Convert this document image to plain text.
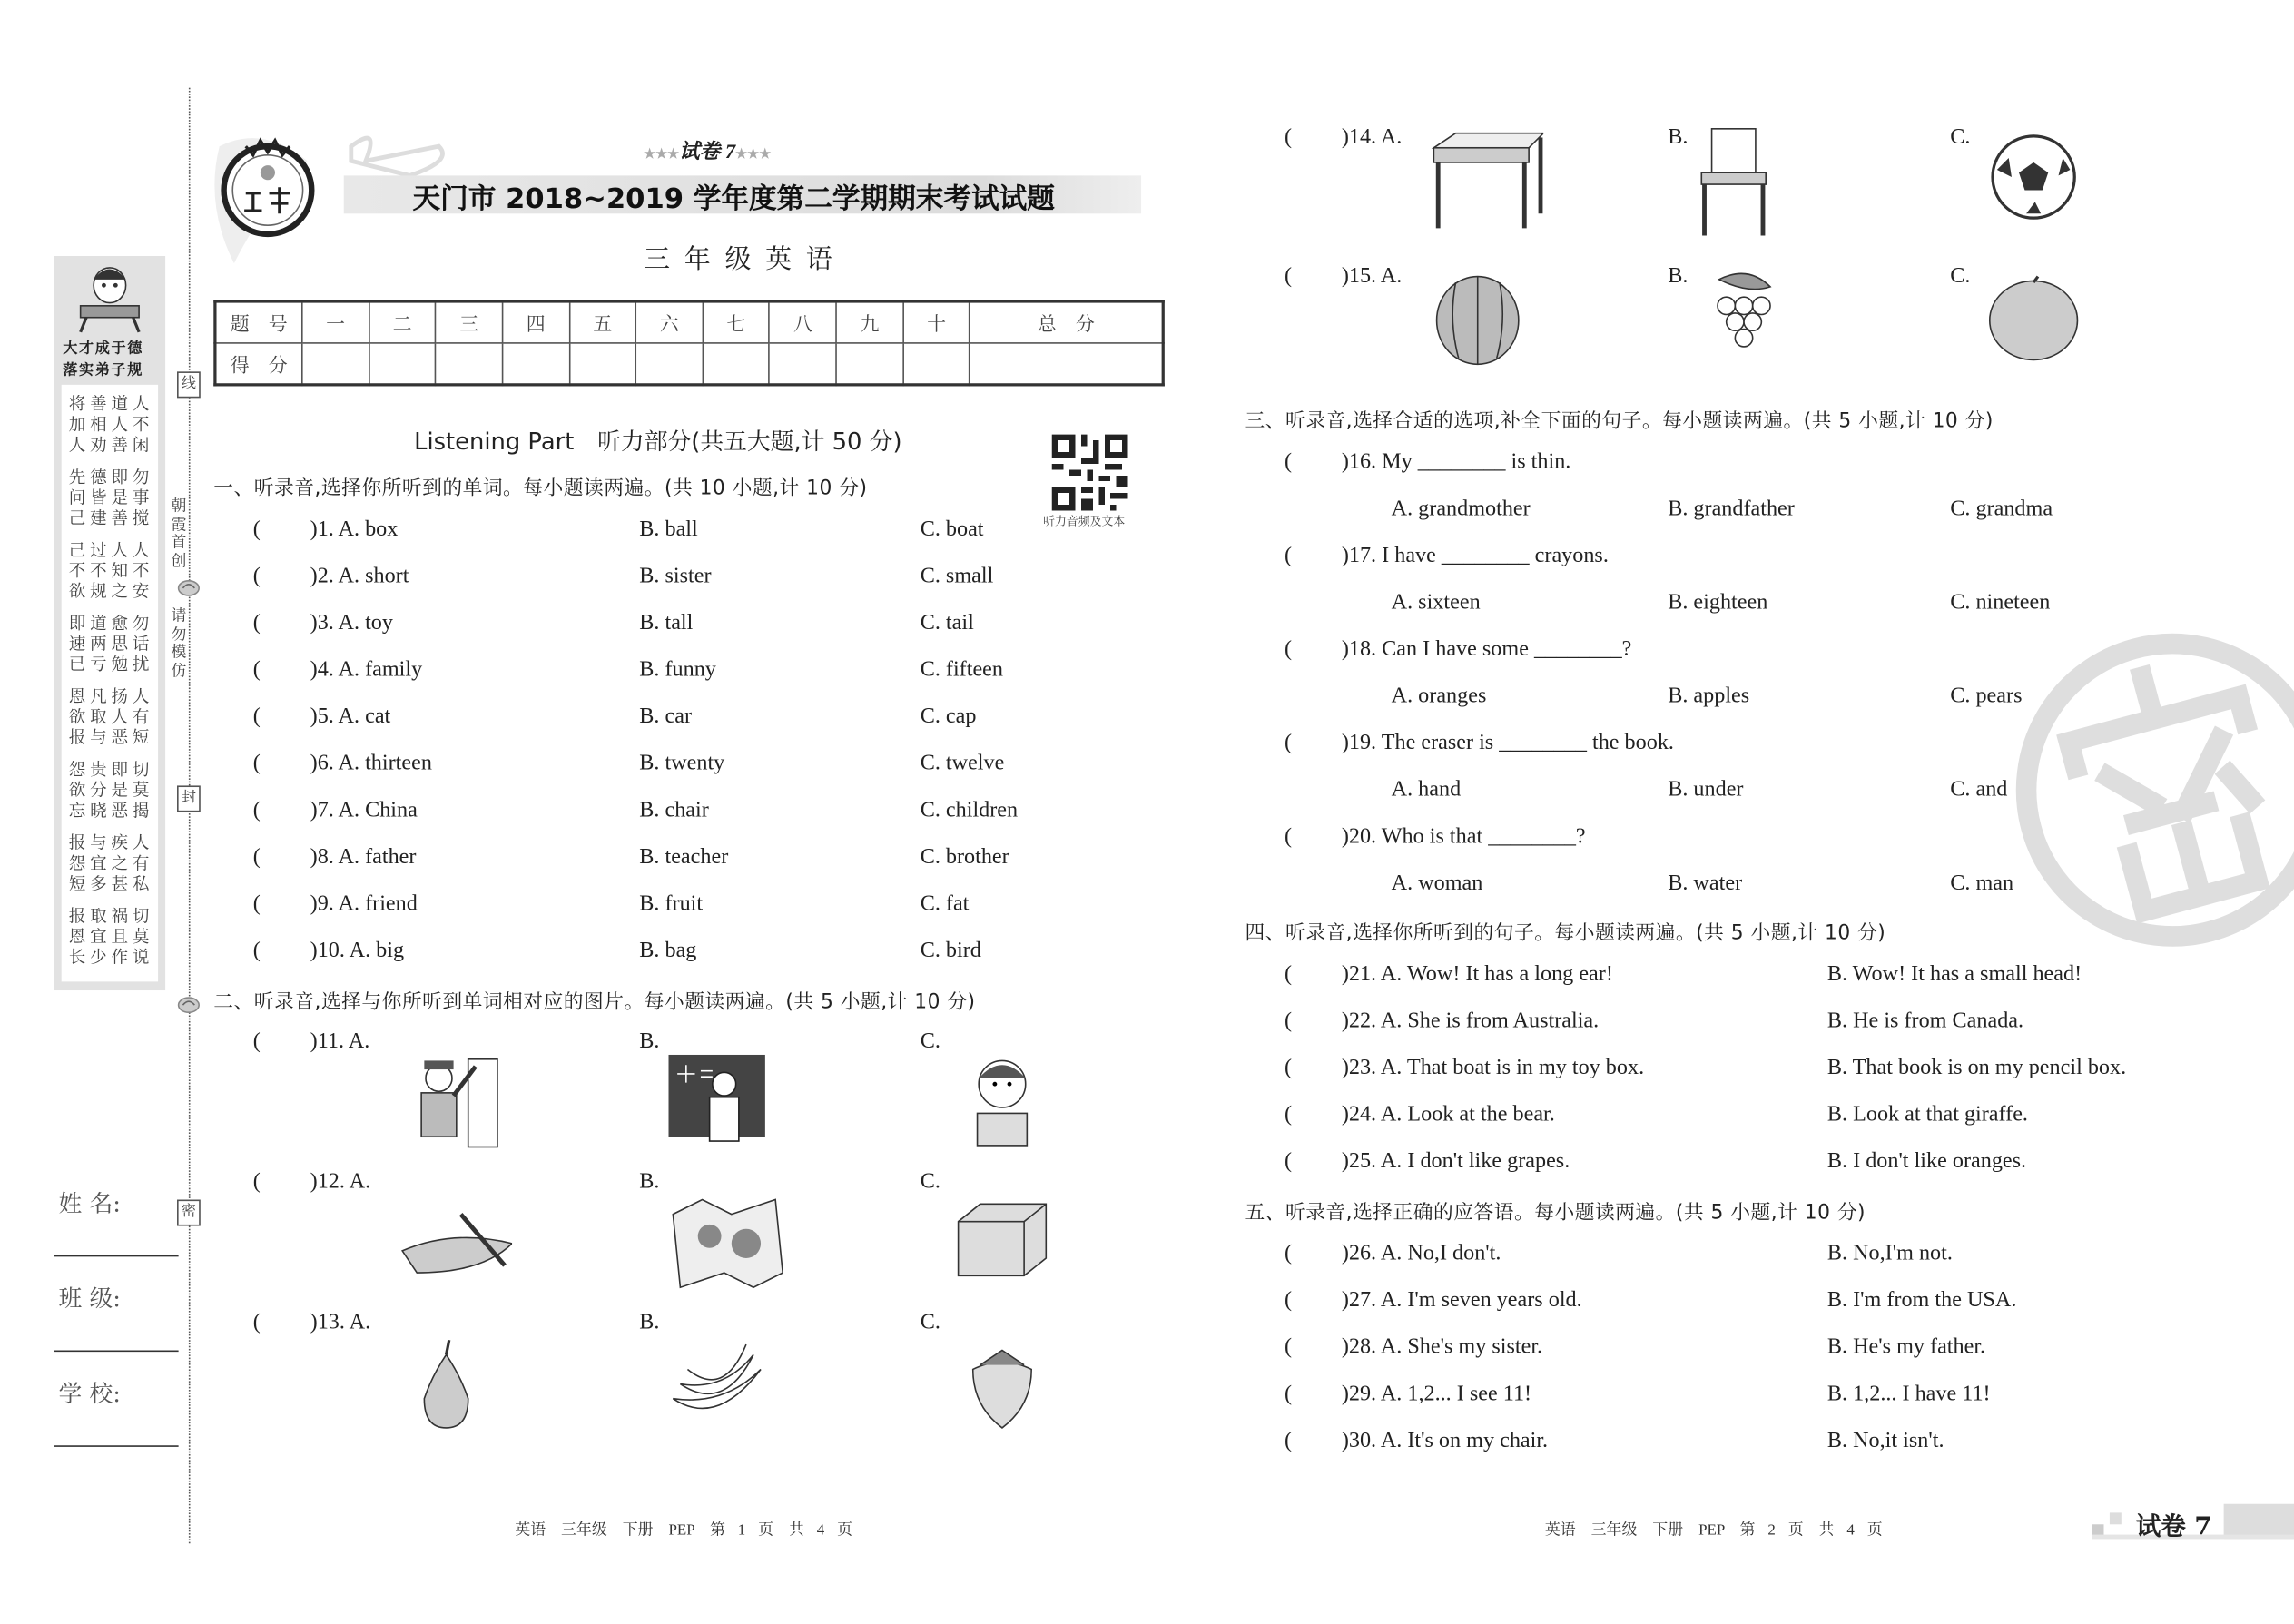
大才成于德
落实弟子规
将善道人
加相人不
人劝善闲
先德即勿
问皆是事
己建善搅
己过人人
不不知不
欲规之安
即道愈勿
速两思话
已亏勉扰
恩凡扬人
欲取人有
报与恶短
怨贵即切
欲分是莫
忘晓恶揭
报与疾人
怨宜之有
短多甚私
报取祸切
恩宜且莫
长少作说
朝霞首创
请勿模仿
★★★试卷 7★★★
天门市 2018~2019 学年度第二学期期末考试试题
三 年 级 英 语
题　号	一	二	三	四	五	六	七	八	九	十	总　分
得　分											
Listening Part　听力部分(共五大题,计 50 分)
听力音频及文本
一、听录音,选择你所听到的单词。每小题读两遍。(共 10 小题,计 10 分)
(	)1. A. box	B. ball	C. boat
(	)2. A. short	B. sister	C. small
(	)3. A. toy	B. tall	C. tail
(	)4. A. family	B. funny	C. fifteen
(	)5. A. cat	B. car	C. cap
(	)6. A. thirteen	B. twenty	C. twelve
(	)7. A. China	B. chair	C. children
(	)8. A. father	B. teacher	C. brother
(	)9. A. friend	B. fruit	C. fat
(	)10. A. big	B. bag	C. bird
二、听录音,选择与你所听到单词相对应的图片。每小题读两遍。(共 5 小题,计 10 分)
(	)11. A.	B.	C.
(	)12. A.	B.	C.
(	)13. A.	B.	C.
(	)14. A.	B.	C.
(	)15. A.	B.	C.
三、听录音,选择合适的选项,补全下面的句子。每小题读两遍。(共 5 小题,计 10 分)
(	)16. My ________ is thin.
A. grandmother	B. grandfather	C. grandma
(	)17. I have ________ crayons.
A. sixteen	B. eighteen	C. nineteen
(	)18. Can I have some ________?
A. oranges	B. apples	C. pears
(	)19. The eraser is ________ the book.
A. hand	B. under	C. and
(	)20. Who is that ________?
A. woman	B. water	C. man
四、听录音,选择你所听到的句子。每小题读两遍。(共 5 小题,计 10 分)
(	)21. A. Wow! It has a long ear!	B. Wow! It has a small head!
(	)22. A. She is from Australia.	B. He is from Canada.
(	)23. A. That boat is in my toy box.	B. That book is on my pencil box.
(	)24. A. Look at the bear.	B. Look at that giraffe.
(	)25. A. I don't like grapes.	B. I don't like oranges.
五、听录音,选择正确的应答语。每小题读两遍。(共 5 小题,计 10 分)
(	)26. A. No,I don't.	B. No,I'm not.
(	)27. A. I'm seven years old.	B. I'm from the USA.
(	)28. A. She's my sister.	B. He's my father.
(	)29. A. 1,2... I see 11!	B. 1,2... I have 11!
(	)30. A. It's on my chair.	B. No,it isn't.
英语　三年级　下册　PEP　第 1 页　共 4 页	英语　三年级　下册　PEP　第 2 页　共 4 页	试卷 7
线
封
密
姓 名:
班 级:
学 校:
